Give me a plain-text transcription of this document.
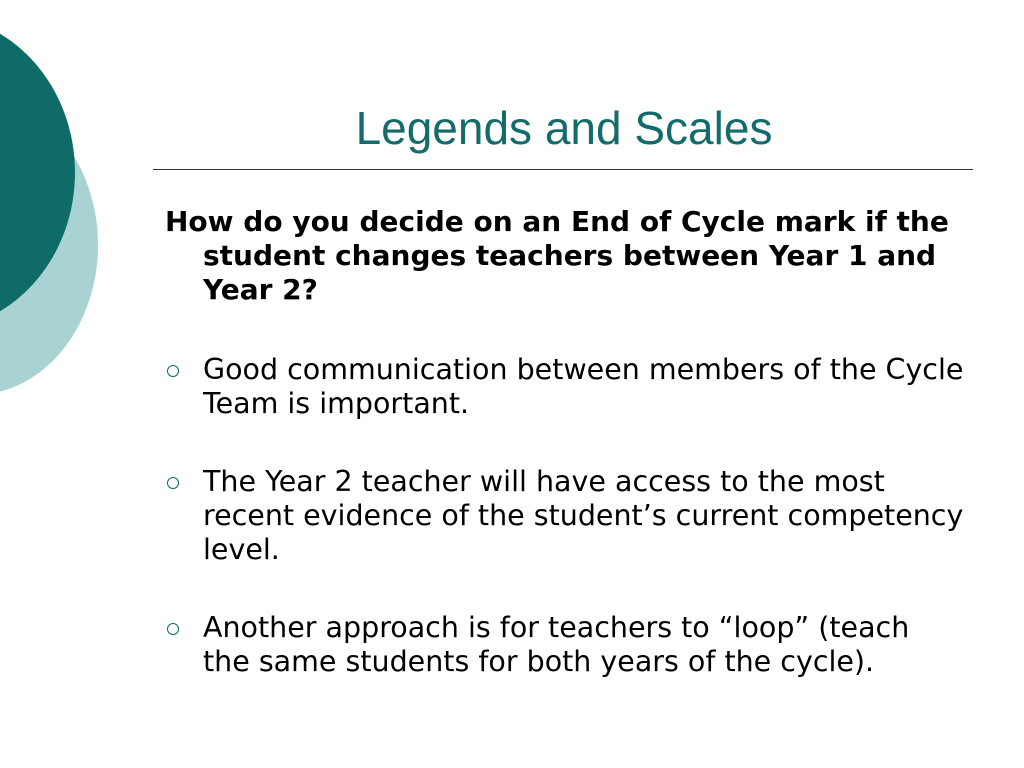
Legends and Scales

How do you decide on an End of Cycle mark if the student changes teachers between Year 1 and Year 2?

Good communication between members of the Cycle Team is important.
The Year 2 teacher will have access to the most recent evidence of the student’s current competency level.
Another approach is for teachers to “loop” (teach the same students for both years of the cycle).
